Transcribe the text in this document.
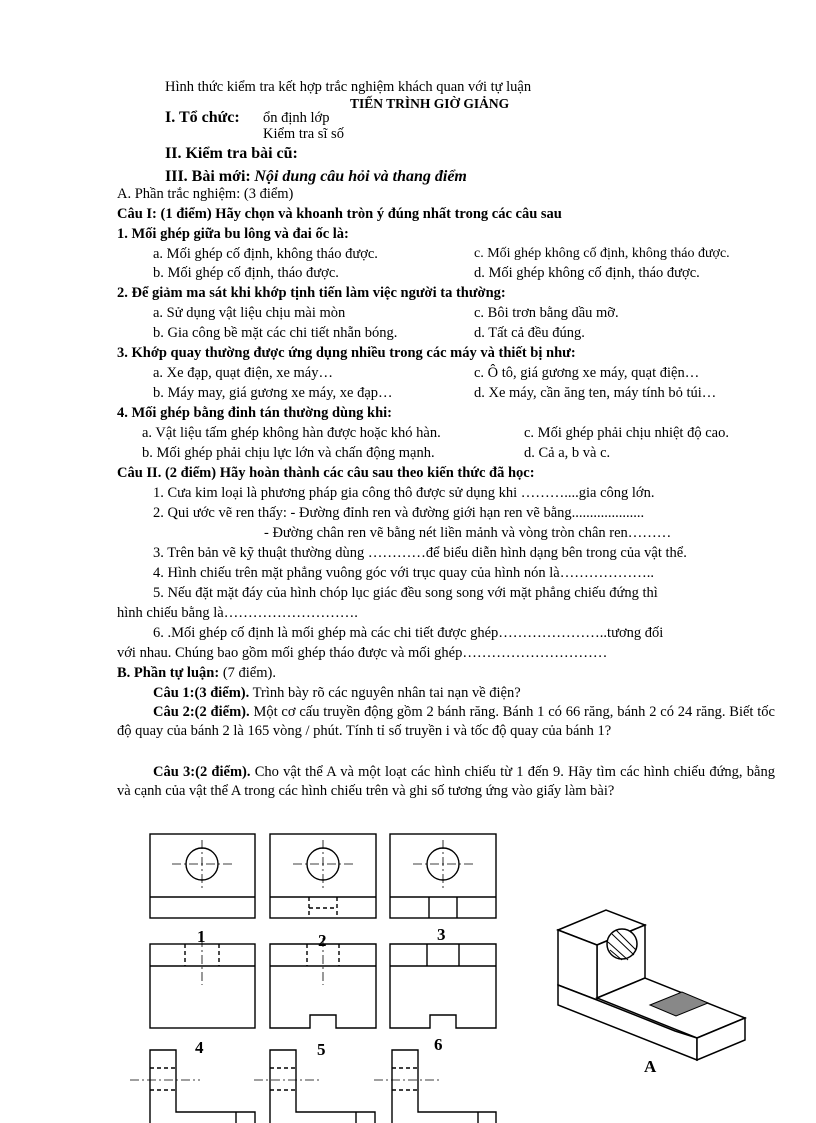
Hình thức kiểm tra kết hợp trắc nghiệm khách quan với tự luận
TIẾN TRÌNH GIỜ GIẢNG
I. Tổ chức: ổn định lớp
Kiểm tra sĩ số
II. Kiểm tra bài cũ:
III. Bài mới: Nội dung câu hỏi và thang điểm
A. Phần trắc nghiệm: (3 điểm)
Câu I: (1 điểm) Hãy chọn và khoanh tròn ý đúng nhất trong các câu sau
1. Mối ghép giữa bu lông và đai ốc là:
a. Mối ghép cố định, không tháo được.	c. Mối ghép không cố định, không tháo được.
b. Mối ghép cố định, tháo được.	d. Mối ghép không cố định, tháo được.
2. Để giảm ma sát khi khớp tịnh tiến làm việc người ta thường:
a. Sử dụng vật liệu chịu mài mòn	c. Bôi trơn bằng dầu mỡ.
b. Gia công bề mặt các chi tiết nhẵn bóng.	d. Tất cả đều đúng.
3. Khớp quay thường được ứng dụng nhiều trong các máy và thiết bị như:
a. Xe đạp, quạt điện, xe máy…	c. Ô tô, giá gương xe máy, quạt điện…
b. Máy may, giá gương xe máy, xe đạp…	d. Xe máy, cần ăng ten, máy tính bỏ túi…
4. Mối ghép bằng đinh tán thường dùng khi:
a. Vật liệu tấm ghép không hàn được hoặc khó hàn.	c. Mối ghép phải chịu nhiệt độ cao.
b. Mối ghép phải chịu lực lớn và chấn động mạnh.	d. Cả a, b và c.
Câu II. (2 điểm) Hãy hoàn thành các câu sau theo kiến thức đã học:
1. Cưa kim loại là phương pháp gia công thô được sử dụng khi ………....gia công lớn.
2. Qui ước vẽ ren thấy: - Đường đỉnh ren và đường giới hạn ren vẽ bằng....................
- Đường chân ren vẽ bằng nét liền mảnh và vòng tròn chân ren………
3. Trên bản vẽ kỹ thuật thường dùng …………để biểu diễn hình dạng bên trong của vật thể.
4. Hình chiếu trên mặt phẳng vuông góc với trục quay của hình nón là………………..
5. Nếu đặt mặt đáy của hình chóp lục giác đều song song với mặt phẳng chiếu đứng thì
hình chiếu bằng là……………………….
6. .Mối ghép cố định là mối ghép mà các chi tiết được ghép…………………..tương đối
với nhau. Chúng bao gồm mối ghép tháo được và mối ghép…………………………
B. Phần tự luận: (7 điểm).
Câu 1:(3 điểm). Trình bày rõ các nguyên nhân tai nạn về điện?
Câu 2:(2 điểm). Một cơ cấu truyền động gồm 2 bánh răng. Bánh 1 có 66 răng, bánh 2 có 24 răng. Biết tốc độ quay của bánh 2 là 165 vòng / phút. Tính tỉ số truyền i và tốc độ quay của bánh 1?
Câu 3:(2 điểm). Cho vật thể A và một loạt các hình chiếu từ 1 đến 9. Hãy tìm các hình chiếu đứng, bằng và cạnh của vật thể A trong các hình chiếu trên và ghi số tương ứng vào giấy làm bài?
1	2	3
4	5	6
A
